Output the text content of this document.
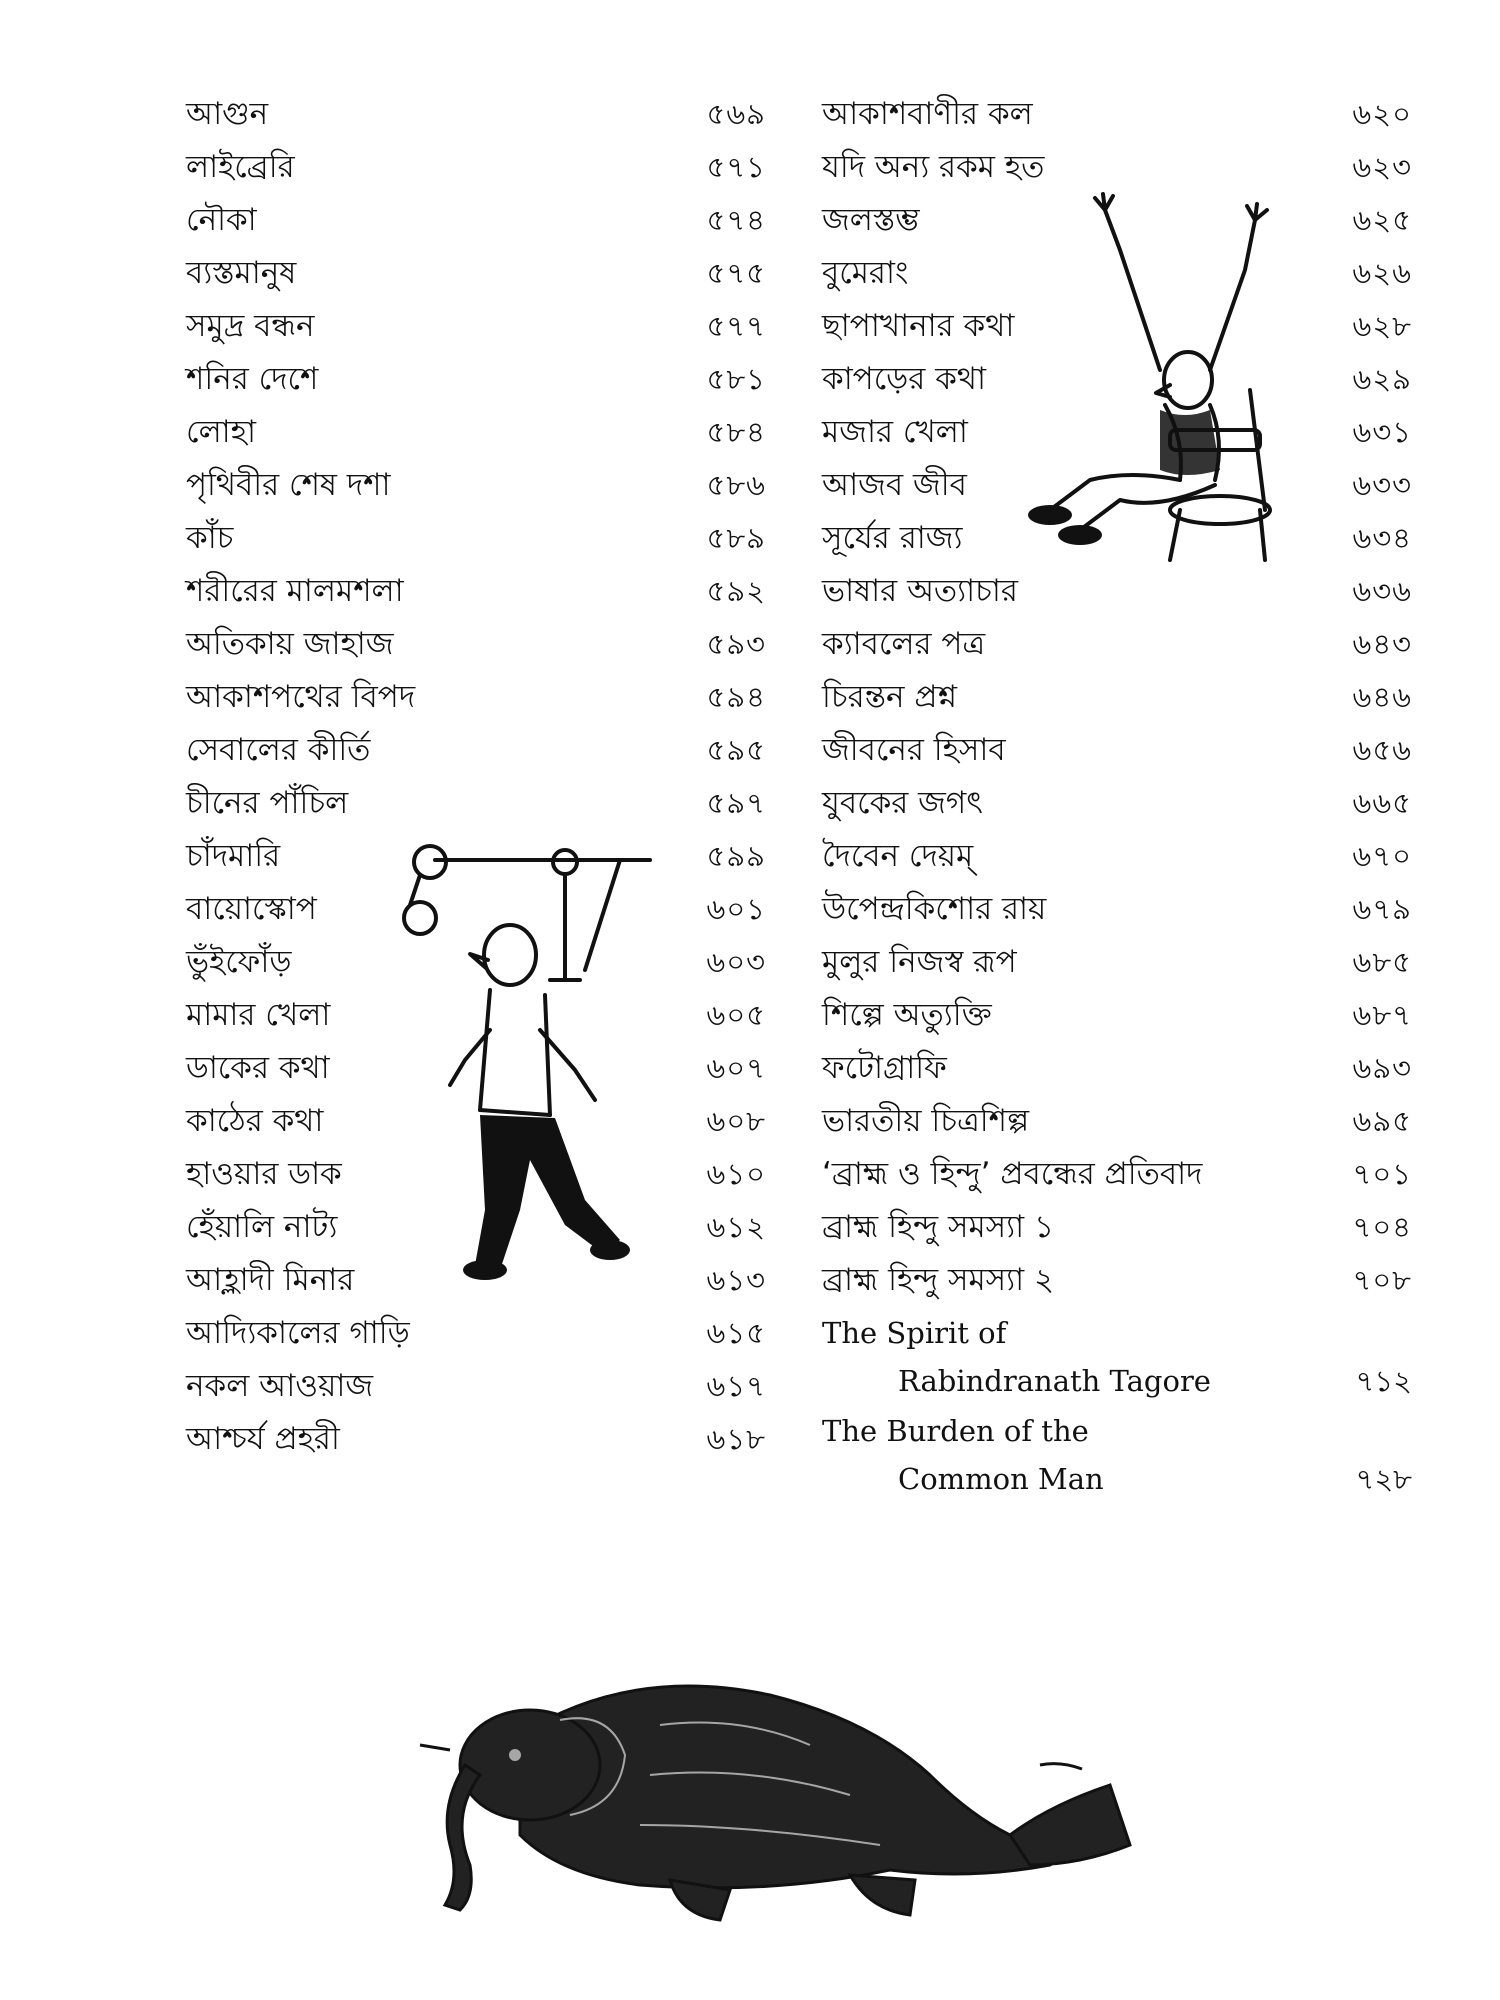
আগুন	৫৬৯
লাইব্রেরি	৫৭১
নৌকা	৫৭৪
ব্যস্তমানুষ	৫৭৫
সমুদ্র বন্ধন	৫৭৭
শনির দেশে	৫৮১
লোহা	৫৮৪
পৃথিবীর শেষ দশা	৫৮৬
কাঁচ	৫৮৯
শরীরের মালমশলা	৫৯২
অতিকায় জাহাজ	৫৯৩
আকাশপথের বিপদ	৫৯৪
সেবালের কীর্তি	৫৯৫
চীনের পাঁচিল	৫৯৭
চাঁদমারি	৫৯৯
বায়োস্কোপ	৬০১
ভুঁইফোঁড়	৬০৩
মামার খেলা	৬০৫
ডাকের কথা	৬০৭
কাঠের কথা	৬০৮
হাওয়ার ডাক	৬১০
হেঁয়ালি নাট্য	৬১২
আহ্লাদী মিনার	৬১৩
আদ্যিকালের গাড়ি	৬১৫
নকল আওয়াজ	৬১৭
আশ্চর্য প্রহরী	৬১৮
আকাশবাণীর কল	৬২০
যদি অন্য রকম হত	৬২৩
জলস্তম্ভ	৬২৫
বুমেরাং	৬২৬
ছাপাখানার কথা	৬২৮
কাপড়ের কথা	৬২৯
মজার খেলা	৬৩১
আজব জীব	৬৩৩
সূর্যের রাজ্য	৬৩৪
ভাষার অত্যাচার	৬৩৬
ক্যাবলের পত্র	৬৪৩
চিরন্তন প্রশ্ন	৬৪৬
জীবনের হিসাব	৬৫৬
যুবকের জগৎ	৬৬৫
দৈবেন দেয়ম্	৬৭০
উপেন্দ্রকিশোর রায়	৬৭৯
মুলুর নিজস্ব রূপ	৬৮৫
শিল্পে অত্যুক্তি	৬৮৭
ফটোগ্রাফি	৬৯৩
ভারতীয় চিত্রশিল্প	৬৯৫
‘ব্রাহ্ম ও হিন্দু’ প্রবন্ধের প্রতিবাদ	৭০১
ব্রাহ্ম হিন্দু সমস্যা ১	৭০৪
ব্রাহ্ম হিন্দু সমস্যা ২	৭০৮
The Spirit of
Rabindranath Tagore	৭১২
The Burden of the
Common Man	৭২৮
